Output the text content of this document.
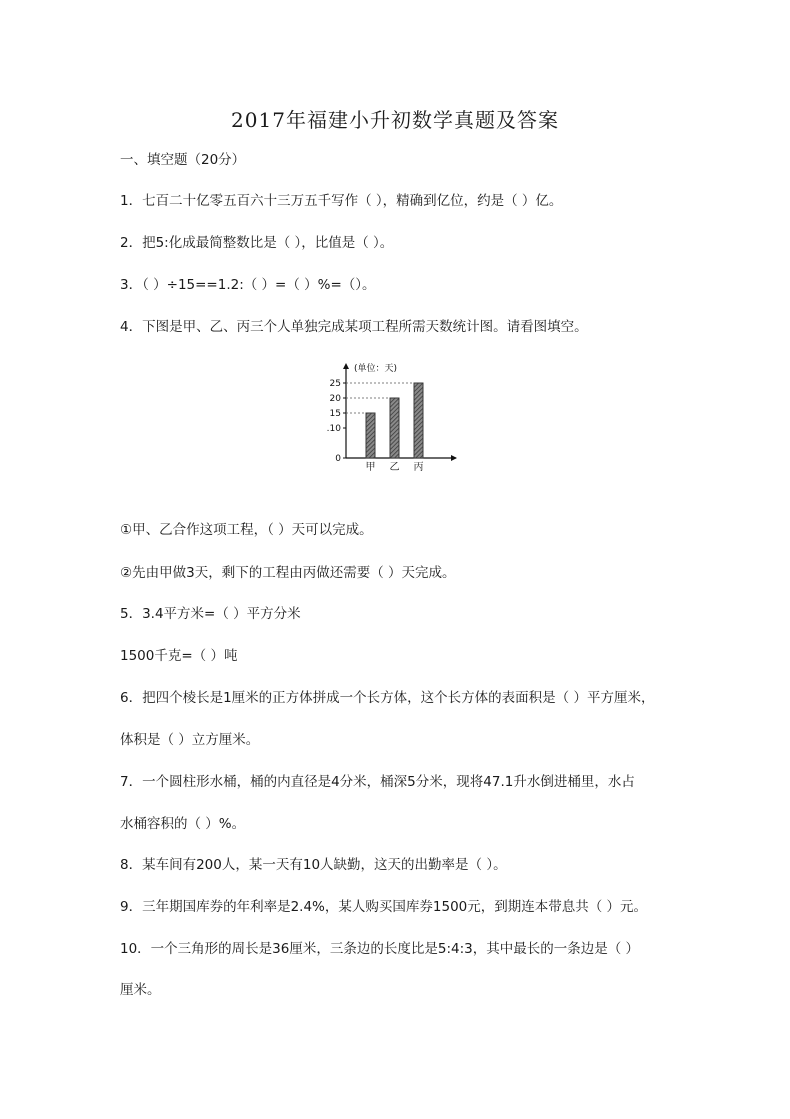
2017年福建小升初数学真题及答案
一、填空题（20分）
1．七百二十亿零五百六十三万五千写作（ ），精确到亿位，约是（ ）亿。
2．把5:化成最简整数比是（ ），比值是（ ）。
3．（ ）÷15==1.2:（ ）=（ ）%=（）。
4．下图是甲、乙、丙三个人单独完成某项工程所需天数统计图。请看图填空。
(单位：天)
0
.10
15
20
25
甲 乙 丙
①甲、乙合作这项工程，（ ）天可以完成。
②先由甲做3天，剩下的工程由丙做还需要（ ）天完成。
5．3.4平方米=（ ）平方分米
1500千克=（ ）吨
6．把四个棱长是1厘米的正方体拼成一个长方体，这个长方体的表面积是（ ）平方厘米，
体积是（ ）立方厘米。
7．一个圆柱形水桶，桶的内直径是4分米，桶深5分米，现将47.1升水倒进桶里，水占
水桶容积的（ ）%。
8．某车间有200人，某一天有10人缺勤，这天的出勤率是（ ）。
9．三年期国库券的年利率是2.4%，某人购买国库券1500元，到期连本带息共（ ）元。
10．一个三角形的周长是36厘米，三条边的长度比是5:4:3，其中最长的一条边是（ ）
厘米。
